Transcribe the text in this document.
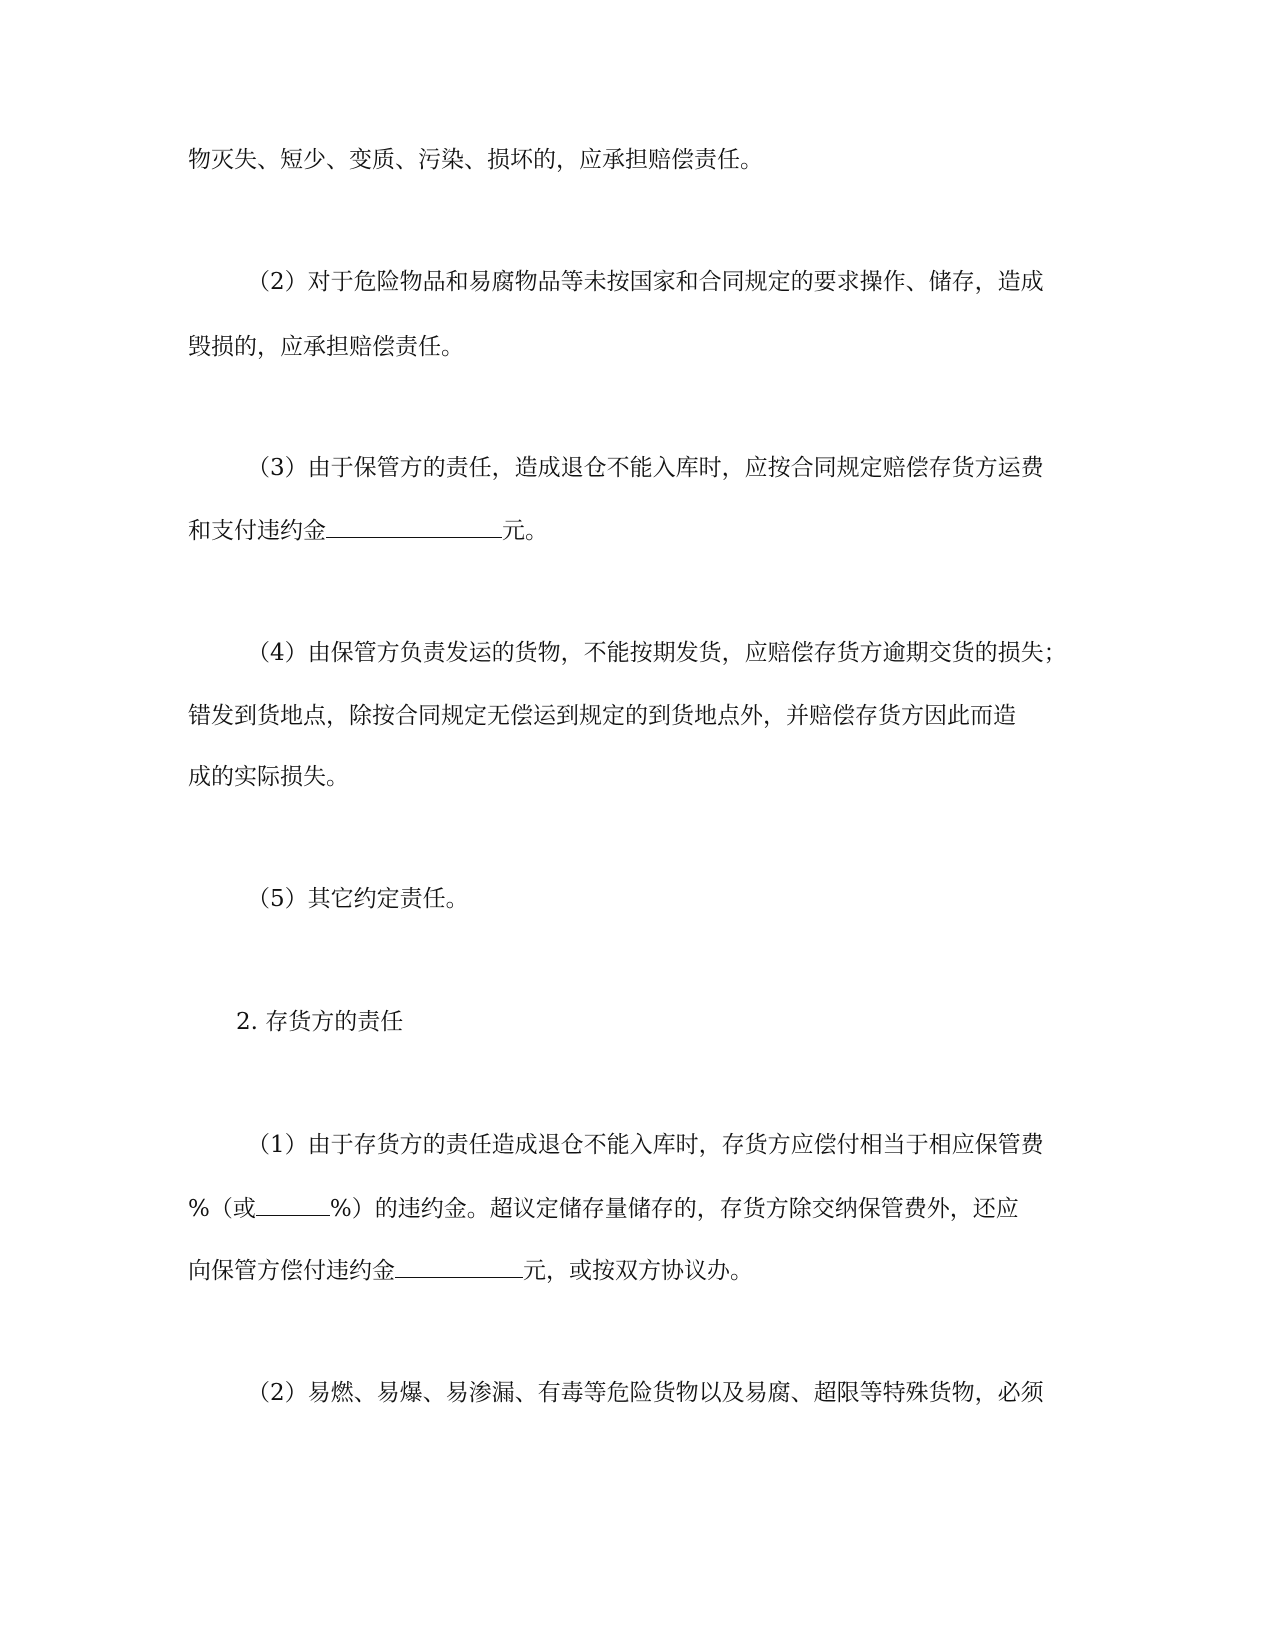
物灭失、短少、变质、污染、损坏的，应承担赔偿责任。
（2）对于危险物品和易腐物品等未按国家和合同规定的要求操作、储存，造成
毁损的，应承担赔偿责任。
（3）由于保管方的责任，造成退仓不能入库时，应按合同规定赔偿存货方运费
和支付违约金	元。
（4）由保管方负责发运的货物，不能按期发货，应赔偿存货方逾期交货的损失；
错发到货地点，除按合同规定无偿运到规定的到货地点外，并赔偿存货方因此而造
成的实际损失。
（5）其它约定责任。
2. 存货方的责任
（1）由于存货方的责任造成退仓不能入库时，存货方应偿付相当于相应保管费
%（或	%）的违约金。超议定储存量储存的，存货方除交纳保管费外，还应
向保管方偿付违约金	元，或按双方协议办。
（2）易燃、易爆、易渗漏、有毒等危险货物以及易腐、超限等特殊货物，必须
